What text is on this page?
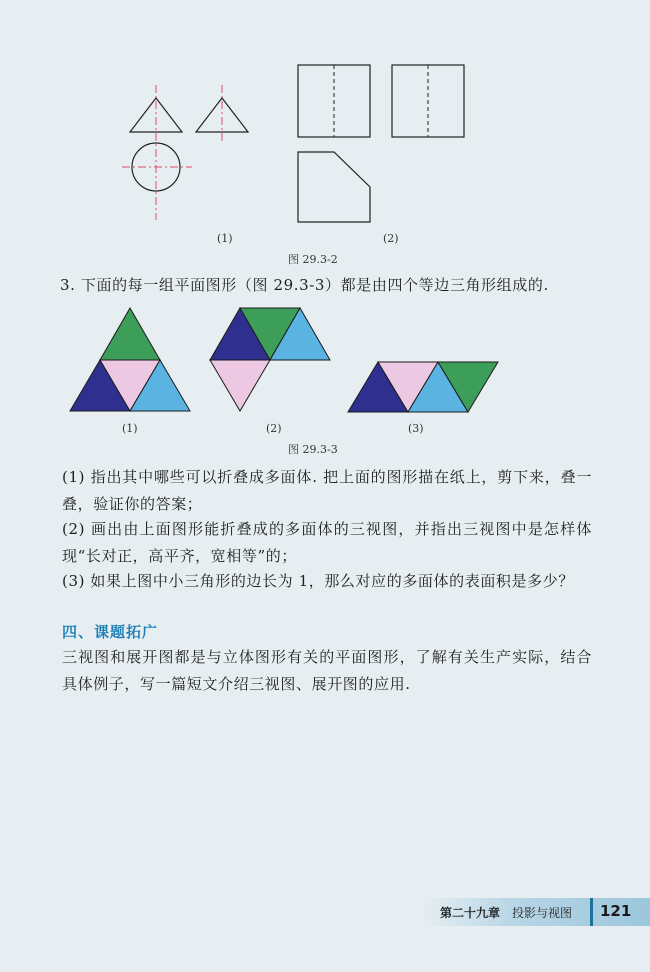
(1)	(2)
图 29.3-2
3. 下面的每一组平面图形（图 29.3-3）都是由四个等边三角形组成的.
(1)	(2)	(3)
图 29.3-3
(1) 指出其中哪些可以折叠成多面体. 把上面的图形描在纸上，剪下来，叠一叠，验证你的答案；
(2) 画出由上面图形能折叠成的多面体的三视图，并指出三视图中是怎样体现“长对正，高平齐，宽相等”的；
(3) 如果上图中小三角形的边长为 1，那么对应的多面体的表面积是多少？
四、课题拓广
三视图和展开图都是与立体图形有关的平面图形，了解有关生产实际，结合具体例子，写一篇短文介绍三视图、展开图的应用.
第二十九章 投影与视图 121
